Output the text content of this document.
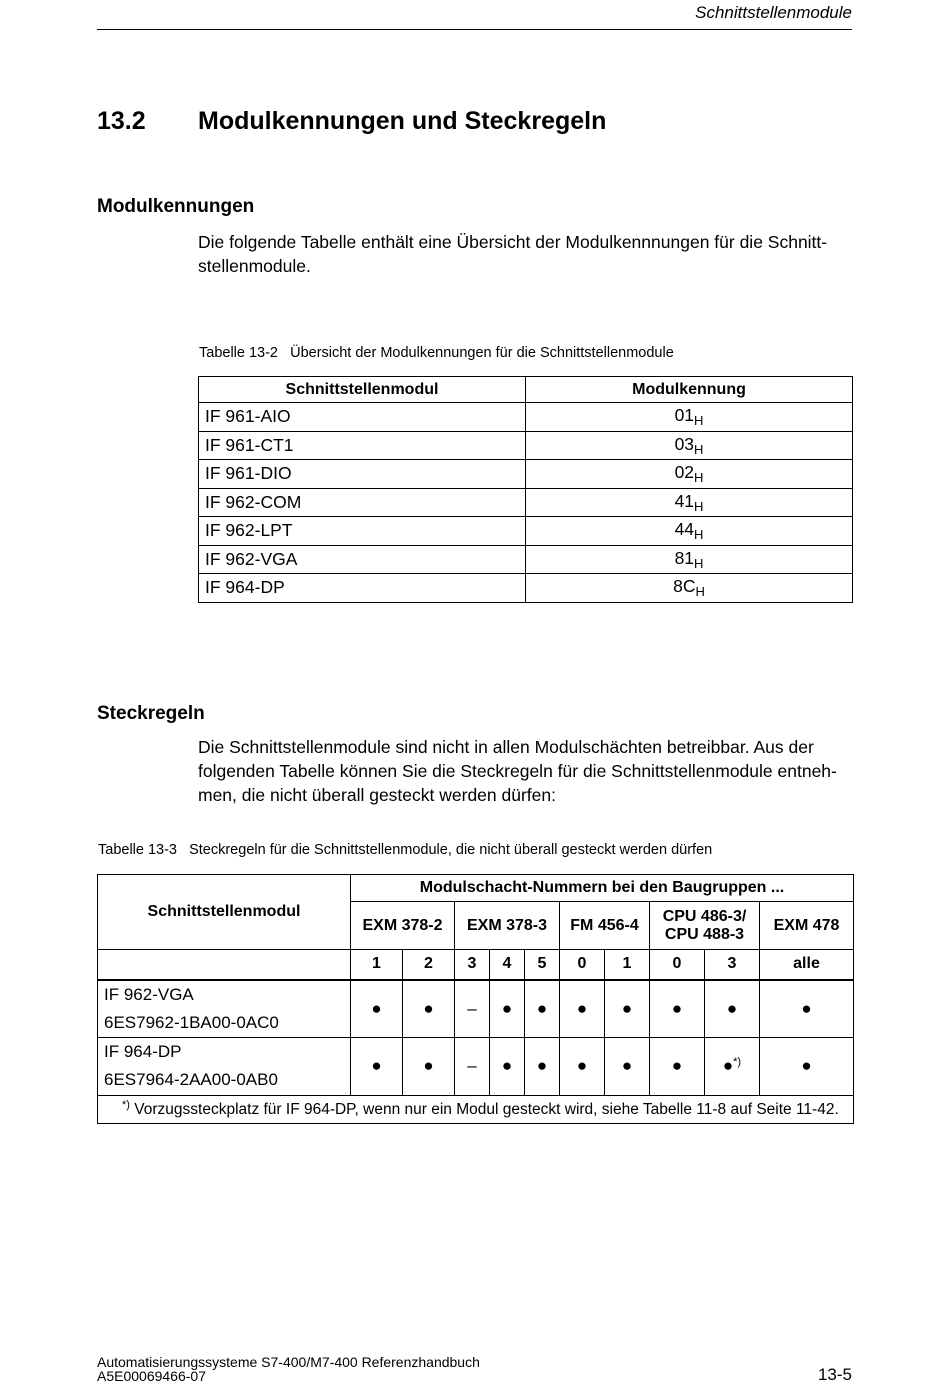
Schnittstellenmodule
13.2 Modulkennungen und Steckregeln
Modulkennungen
Die folgende Tabelle enthält eine Übersicht der Modulkennnungen für die Schnitt-
stellenmodule.
Tabelle 13-2 Übersicht der Modulkennungen für die Schnittstellenmodule
Schnittstellenmodul	Modulkennung
IF 961-AIO	$01_H$
IF 961-CT1	$03_H$
IF 961-DIO	$02_H$
IF 962-COM	$41_H$
IF 962-LPT	$44_H$
IF 962-VGA	$81_H$
IF 964-DP	$8C_H$
Steckregeln
Die Schnittstellenmodule sind nicht in allen Modulschächten betreibbar. Aus der
folgenden Tabelle können Sie die Steckregeln für die Schnittstellenmodule entneh-
men, die nicht überall gesteckt werden dürfen:
Tabelle 13-3 Steckregeln für die Schnittstellenmodule, die nicht überall gesteckt werden dürfen
Schnittstellenmodul	Modulschacht-Nummern bei den Baugruppen ...									
	EXM 378-2		EXM 378-3			FM 456-4		CPU 486-3/
CPU 488-3		EXM 478
	1	2	3	4	5	0	1	0	3	alle

IF 962-VGA
6ES7962-1BA00-0AC0	●	●	–	●	●	●	●	●	●	●

IF 964-DP
6ES7964-2AA00-0AB0	●	●	–	●	●	●	●	●	●*)	●
*) Vorzugssteckplatz für IF 964-DP, wenn nur ein Modul gesteckt wird, siehe Tabelle 11-8 auf Seite 11-42.										
Automatisierungssysteme S7-400/M7-400 Referenzhandbuch
A5E00069466-07	13-5
